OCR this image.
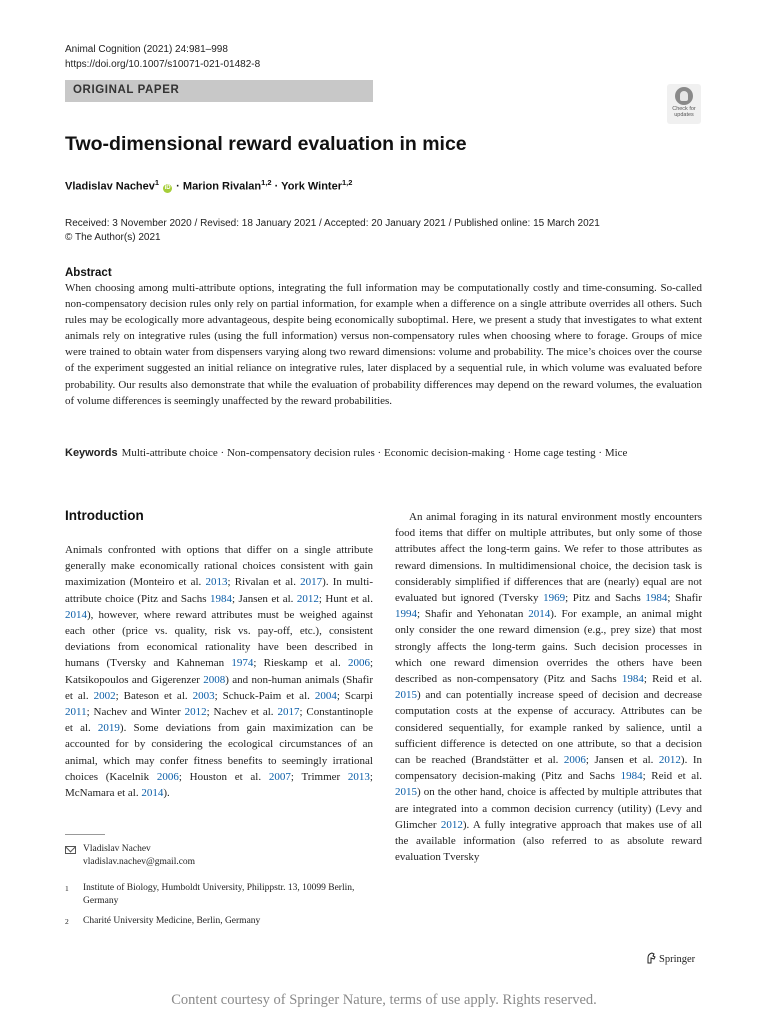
Animal Cognition (2021) 24:981–998
https://doi.org/10.1007/s10071-021-01482-8
ORIGINAL PAPER
Check for updates
Two-dimensional reward evaluation in mice
Vladislav Nachev$^1$ iD · Marion Rivalan$^{1,2}$ · York Winter$^{1,2}$
Received: 3 November 2020 / Revised: 18 January 2021 / Accepted: 20 January 2021 / Published online: 15 March 2021
© The Author(s) 2021
Abstract
When choosing among multi-attribute options, integrating the full information may be computationally costly and time-consuming. So-called non-compensatory decision rules only rely on partial information, for example when a difference on a single attribute overrides all others. Such rules may be ecologically more advantageous, despite being economically suboptimal. Here, we present a study that investigates to what extent animals rely on integrative rules (using the full information) versus non-compensatory rules when choosing where to forage. Groups of mice were trained to obtain water from dispensers varying along two reward dimensions: volume and probability. The mice’s choices over the course of the experiment suggested an initial reliance on integrative rules, later displaced by a sequential rule, in which volume was evaluated before probability. Our results also demonstrate that while the evaluation of probability differences may depend on the reward volumes, the evaluation of volume differences is seemingly unaffected by the reward probabilities.
Keywords Multi-attribute choice · Non-compensatory decision rules · Economic decision-making · Home cage testing · Mice
Introduction
Animals confronted with options that differ on a single attribute generally make economically rational choices consistent with gain maximization (Monteiro et al. 2013; Rivalan et al. 2017). In multi-attribute choice (Pitz and Sachs 1984; Jansen et al. 2012; Hunt et al. 2014), however, where reward attributes must be weighed against each other (price vs. quality, risk vs. pay-off, etc.), consistent deviations from economical rationality have been described in humans (Tversky and Kahneman 1974; Rieskamp et al. 2006; Katsikopoulos and Gigerenzer 2008) and non-human animals (Shafir et al. 2002; Bateson et al. 2003; Schuck-Paim et al. 2004; Scarpi 2011; Nachev and Winter 2012; Nachev et al. 2017; Constantinople et al. 2019). Some deviations from gain maximization can be accounted for by considering the ecological circumstances of an animal, which may confer fitness benefits to seemingly irrational choices (Kacelnik 2006; Houston et al. 2007; Trimmer 2013; McNamara et al. 2014).
An animal foraging in its natural environment mostly encounters food items that differ on multiple attributes, but only some of those attributes affect the long-term gains. We refer to those attributes as reward dimensions. In multidimensional choice, the decision task is considerably simplified if differences that are (nearly) equal are not evaluated but ignored (Tversky 1969; Pitz and Sachs 1984; Shafir 1994; Shafir and Yehonatan 2014). For example, an animal might only consider the one reward dimension (e.g., prey size) that most strongly affects the long-term gains. Such decision processes in which one reward dimension overrides the others have been described as non-compensatory (Pitz and Sachs 1984; Reid et al. 2015) and can potentially increase speed of decision and decrease computation costs at the expense of accuracy. Attributes can be considered sequentially, for example ranked by salience, until a sufficient difference is detected on one attribute, so that a decision can be reached (Brandstätter et al. 2006; Jansen et al. 2012). In compensatory decision-making (Pitz and Sachs 1984; Reid et al. 2015) on the other hand, choice is affected by multiple attributes that are integrated into a common decision currency (utility) (Levy and Glimcher 2012). A fully integrative approach that makes use of all the available information (also referred to as absolute reward evaluation Tversky
Vladislav Nachev
vladislav.nachev@gmail.com
1 Institute of Biology, Humboldt University, Philippstr. 13, 10099 Berlin, Germany
2 Charité University Medicine, Berlin, Germany
Springer
Content courtesy of Springer Nature, terms of use apply. Rights reserved.
